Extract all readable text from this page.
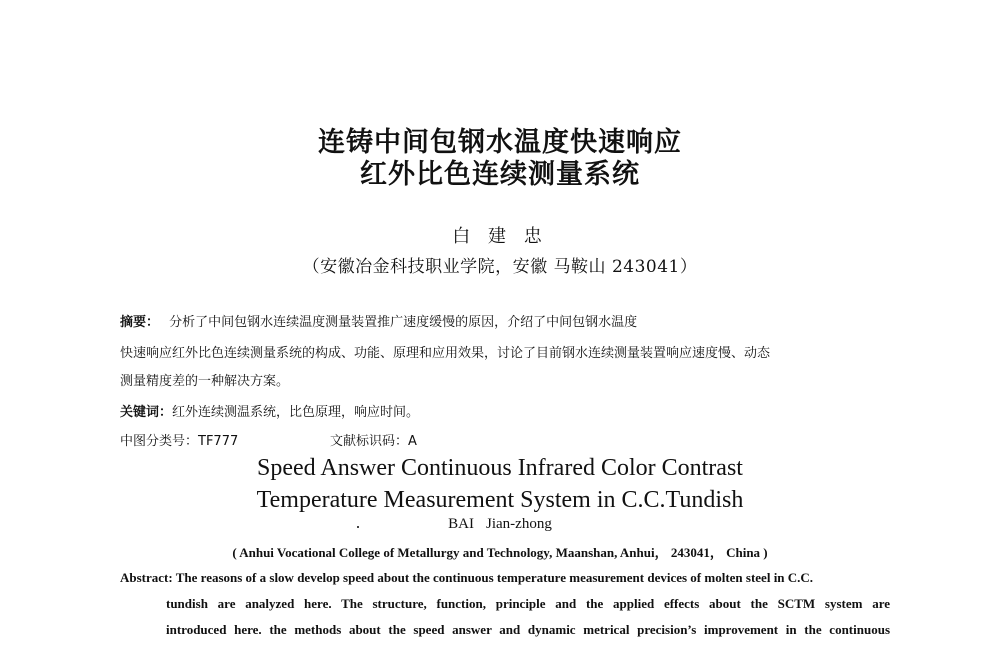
连铸中间包钢水温度快速响应
红外比色连续测量系统
白 建 忠
（安徽冶金科技职业学院，安徽 马鞍山 243041）
摘要： 分析了中间包钢水连续温度测量装置推广速度缓慢的原因，介绍了中间包钢水温度
快速响应红外比色连续测量系统的构成、功能、原理和应用效果，讨论了目前钢水连续测量装置响应速度慢、动态
测量精度差的一种解决方案。
关键词：红外连续测温系统，比色原理，响应时间。
中图分类号：TF777	文献标识码：A
Speed Answer Continuous Infrared Color Contrast
Temperature Measurement System in C.C.Tundish
BAI Jian-zhong
( Anhui Vocational College of Metallurgy and Technology, Maanshan, Anhui， 243041， China )
Abstract: The reasons of a slow develop speed about the continuous temperature measurement devices of molten steel in C.C.
tundish are analyzed here. The structure, function, principle and the applied effects about the SCTM system are
introduced here. the methods about the speed answer and dynamic metrical precision’s improvement in the continuous
